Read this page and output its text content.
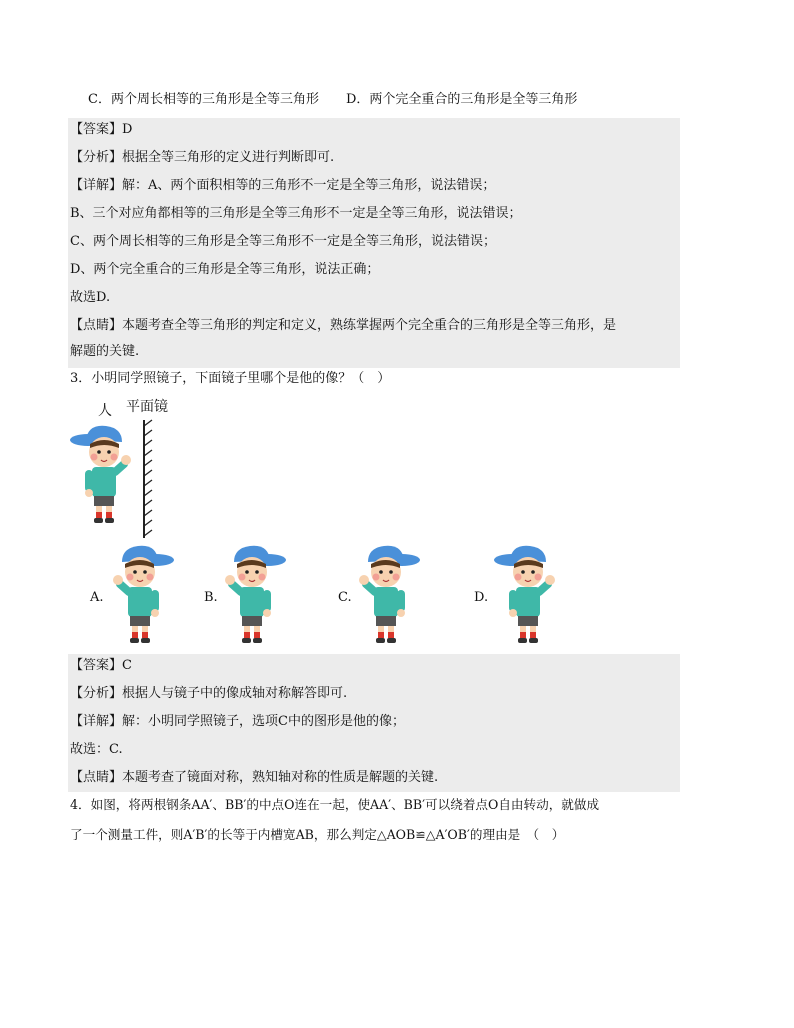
C．两个周长相等的三角形是全等三角形 D．两个完全重合的三角形是全等三角形
【答案】D
【分析】根据全等三角形的定义进行判断即可.
【详解】解：A、两个面积相等的三角形不一定是全等三角形，说法错误；
B、三个对应角都相等的三角形是全等三角形不一定是全等三角形，说法错误；
C、两个周长相等的三角形是全等三角形不一定是全等三角形，说法错误；
D、两个完全重合的三角形是全等三角形，说法正确；
故选D.
【点睛】本题考查全等三角形的判定和定义，熟练掌握两个完全重合的三角形是全等三角形，是
解题的关键.
3．小明同学照镜子，下面镜子里哪个是他的像？（　）
人 平面镜
A.	B.	C.	D.
【答案】C
【分析】根据人与镜子中的像成轴对称解答即可.
【详解】解：小明同学照镜子，选项C中的图形是他的像；
故选：C.
【点睛】本题考查了镜面对称，熟知轴对称的性质是解题的关键.
4．如图，将两根钢条AA′、BB′的中点O连在一起，使AA′、BB′可以绕着点O自由转动，就做成
了一个测量工件，则A′B′的长等于内槽宽AB，那么判定△AOB≌△A′OB′的理由是　（　）
